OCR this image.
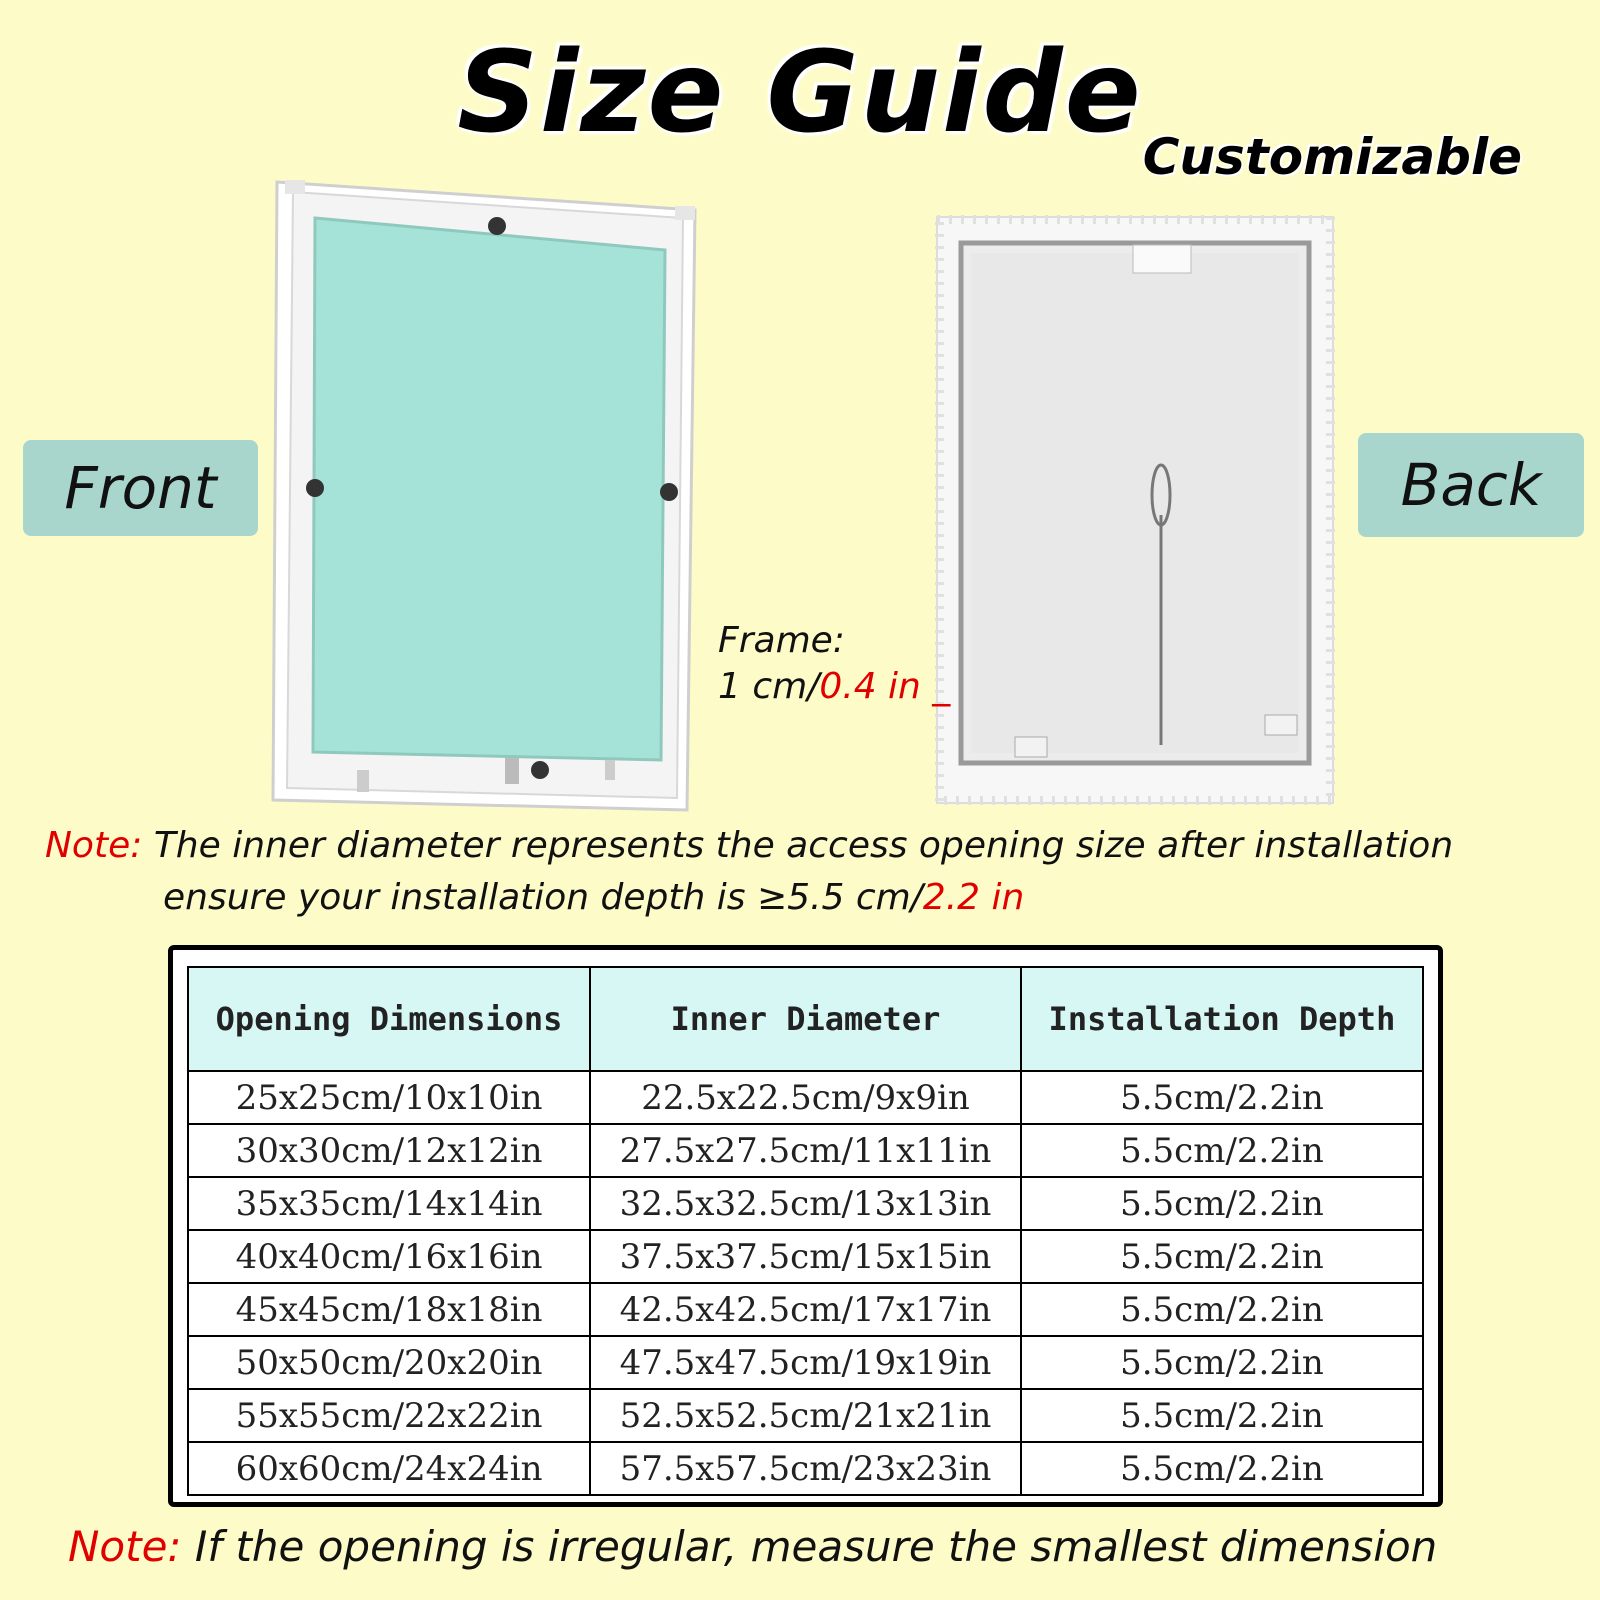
Size Guide Customizable
Front	Back
Frame:
1 cm/0.4 in _
Note: The inner diameter represents the access opening size after installation
ensure your installation depth is ≥5.5 cm/2.2 in
Opening Dimensions	Inner Diameter	Installation Depth
25x25cm/10x10in	22.5x22.5cm/9x9in	5.5cm/2.2in
30x30cm/12x12in	27.5x27.5cm/11x11in	5.5cm/2.2in
35x35cm/14x14in	32.5x32.5cm/13x13in	5.5cm/2.2in
40x40cm/16x16in	37.5x37.5cm/15x15in	5.5cm/2.2in
45x45cm/18x18in	42.5x42.5cm/17x17in	5.5cm/2.2in
50x50cm/20x20in	47.5x47.5cm/19x19in	5.5cm/2.2in
55x55cm/22x22in	52.5x52.5cm/21x21in	5.5cm/2.2in
60x60cm/24x24in	57.5x57.5cm/23x23in	5.5cm/2.2in
Note: If the opening is irregular, measure the smallest dimension
